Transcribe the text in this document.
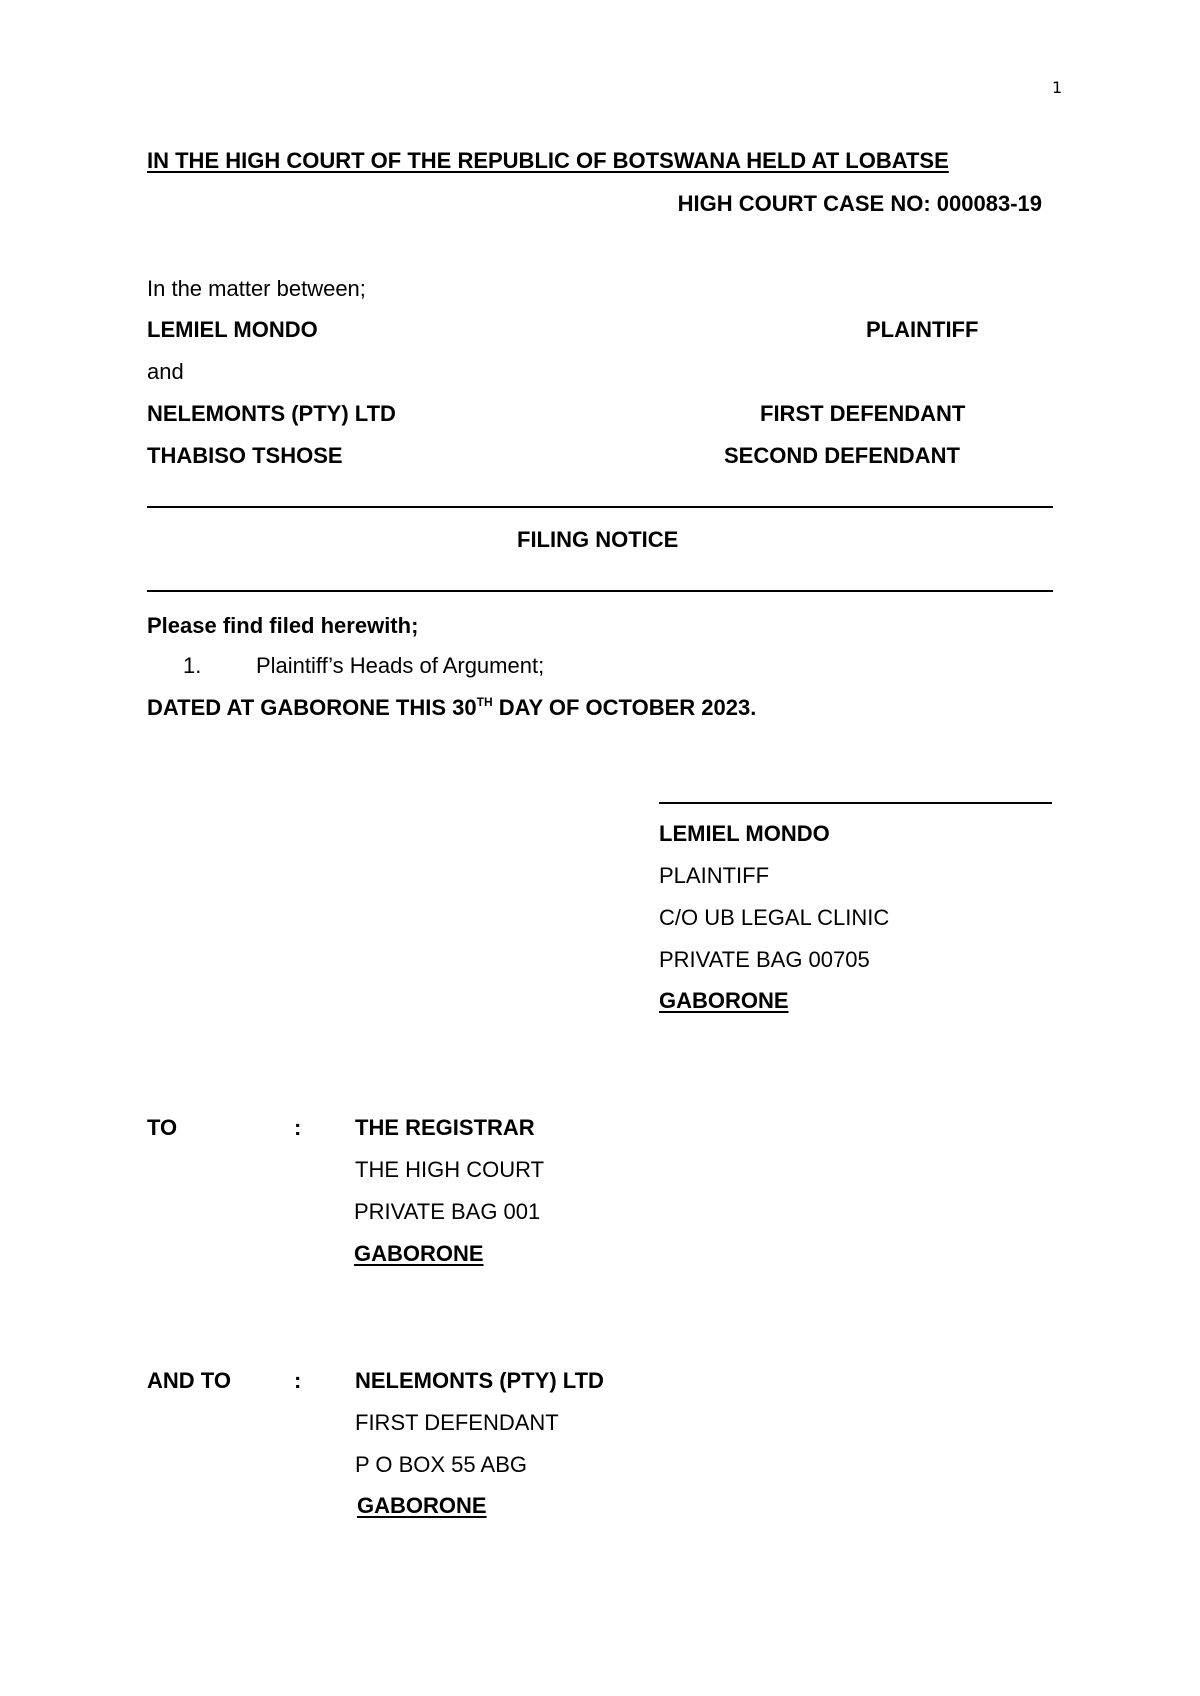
1
IN THE HIGH COURT OF THE REPUBLIC OF BOTSWANA HELD AT LOBATSE
HIGH COURT CASE NO: 000083-19
In the matter between;
LEMIEL MONDO	PLAINTIFF
and
NELEMONTS (PTY) LTD	FIRST DEFENDANT
THABISO TSHOSE	SECOND DEFENDANT
FILING NOTICE
Please find filed herewith;
1. Plaintiff’s Heads of Argument;
DATED AT GABORONE THIS 30TH DAY OF OCTOBER 2023.
LEMIEL MONDO
PLAINTIFF
C/O UB LEGAL CLINIC
PRIVATE BAG 00705
GABORONE
TO	: THE REGISTRAR
THE HIGH COURT
PRIVATE BAG 001
GABORONE
AND TO	: NELEMONTS (PTY) LTD
FIRST DEFENDANT
P O BOX 55 ABG
GABORONE
